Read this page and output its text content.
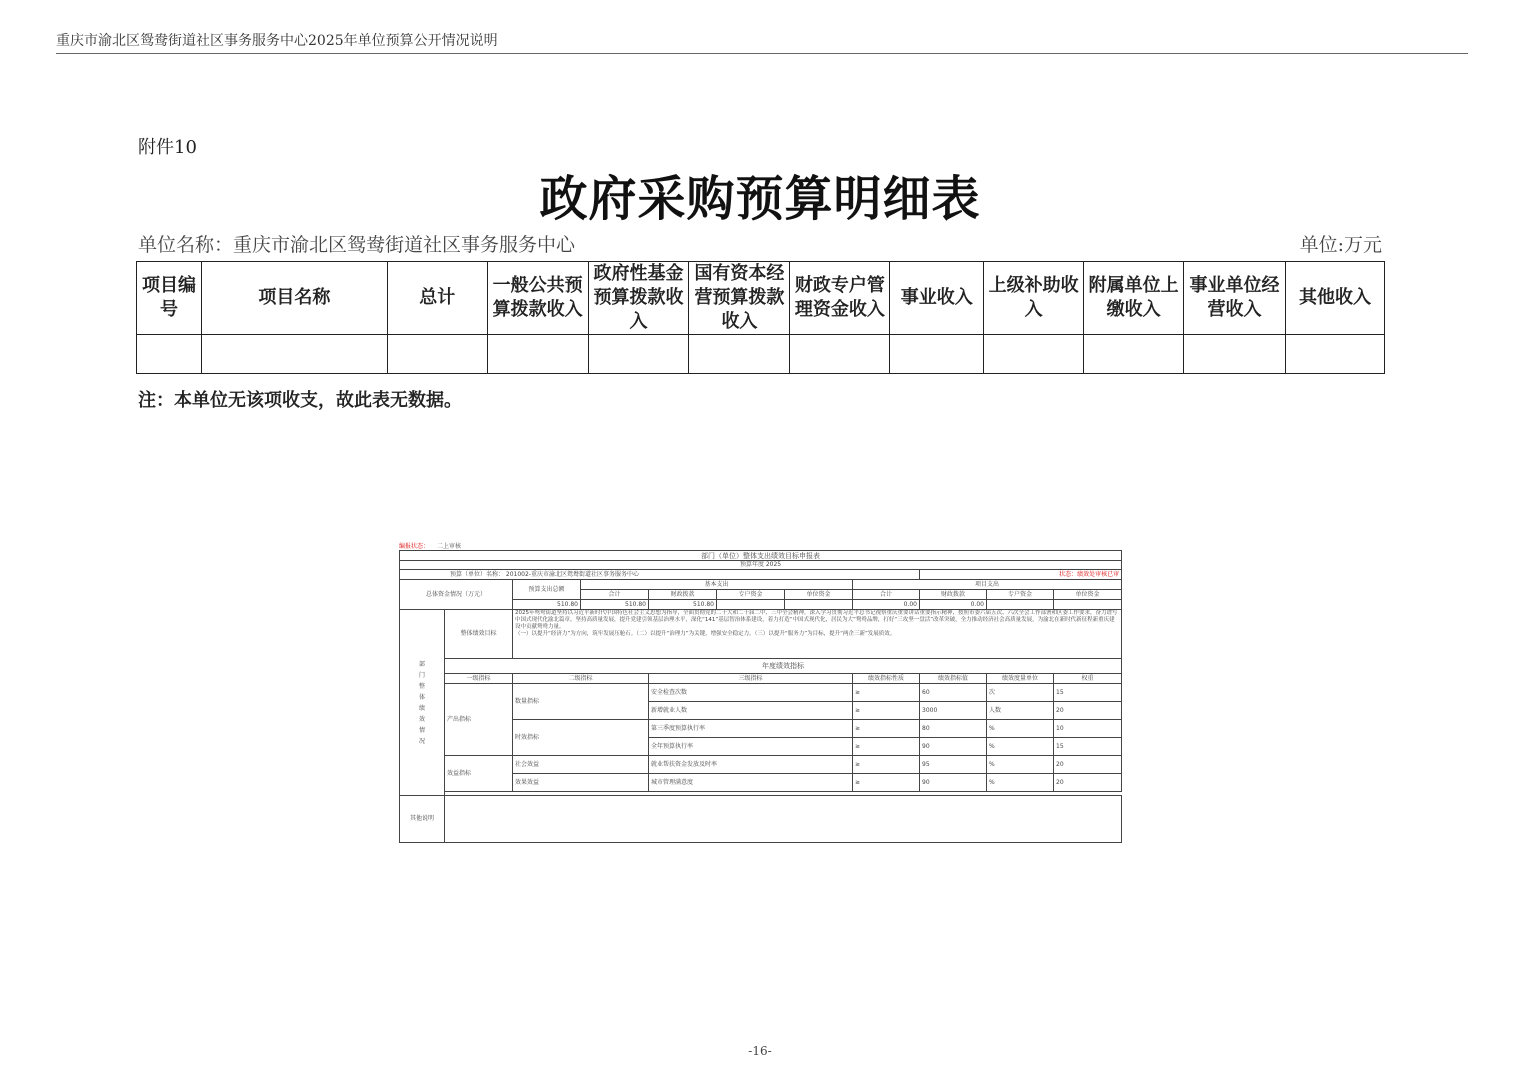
重庆市渝北区鸳鸯街道社区事务服务中心2025年单位预算公开情况说明
附件10
政府采购预算明细表
单位名称：重庆市渝北区鸳鸯街道社区事务服务中心	单位:万元
项目编号	项目名称	总计	一般公共预算拨款收入	政府性基金预算拨款收入	国有资本经营预算拨款收入	财政专户管理资金收入	事业收入	上级补助收入	附属单位上缴收入	事业单位经营收入	其他收入

注：本单位无该项收支，故此表无数据。
编报状态： 二上审核
部门（单位）整体支出绩效目标申报表										
预算年度 2025										
预算（单位）名称： 201002-重庆市渝北区鸳鸯街道社区事务服务中心								状态：绩效处审核已审		
总体资金情况（万元）		预算支出总额	基本支出				项目支出			
			合计	财政拨款	专户资金	单位资金	合计	财政拨款	专户资金	单位资金
		510.80	510.80	510.80			0.00	0.00		

部门整体绩效情况	整体绩效目标	2025年鸳鸯街道坚持以习近平新时代中国特色社会主义思想为指导，全面贯彻党的二十大和二十届二中、三中全会精神，深入学习贯彻习近平总书记视察重庆重要讲话重要指示精神，按照市委六届五次、六次全会工作部署和区委工作要求，奋力谱写中国式现代化渝北篇章。坚持高质量发展，提升党建引领基层治理水平，深化“141”基层智治体系建设，着力打造“中国式现代化，居民为大”鸳鸯品牌，打好“三攻坚一盘活”改革突破，全力推动经济社会高质量发展，为渝北在新时代新征程新重庆建设中贡献鸳鸯力量。
（一）以提升“经济力”为方向，筑牢发展压舱石。（二）以提升“治理力”为关键，增强安全稳定力。（三）以提升“服务力”为目标，提升“两企三新”发展质效。								

	年度绩效指标									
	一级指标	二级指标		三级指标			绩效指标性质	绩效指标值	绩效度量单位	权重
	产出指标	数量指标		安全检查次数			≥	60	次	15
				新增就业人数			≥	3000	人数	20
		时效指标		第三季度预算执行率			≥	80	%	10
				全年预算执行率			≥	90	%	15
	效益指标	社会效益		就业帮扶资金发放及时率			≥	95	%	20
		效果效益		城市管理满意度			≥	90	%	20

其他说明										
-16-
